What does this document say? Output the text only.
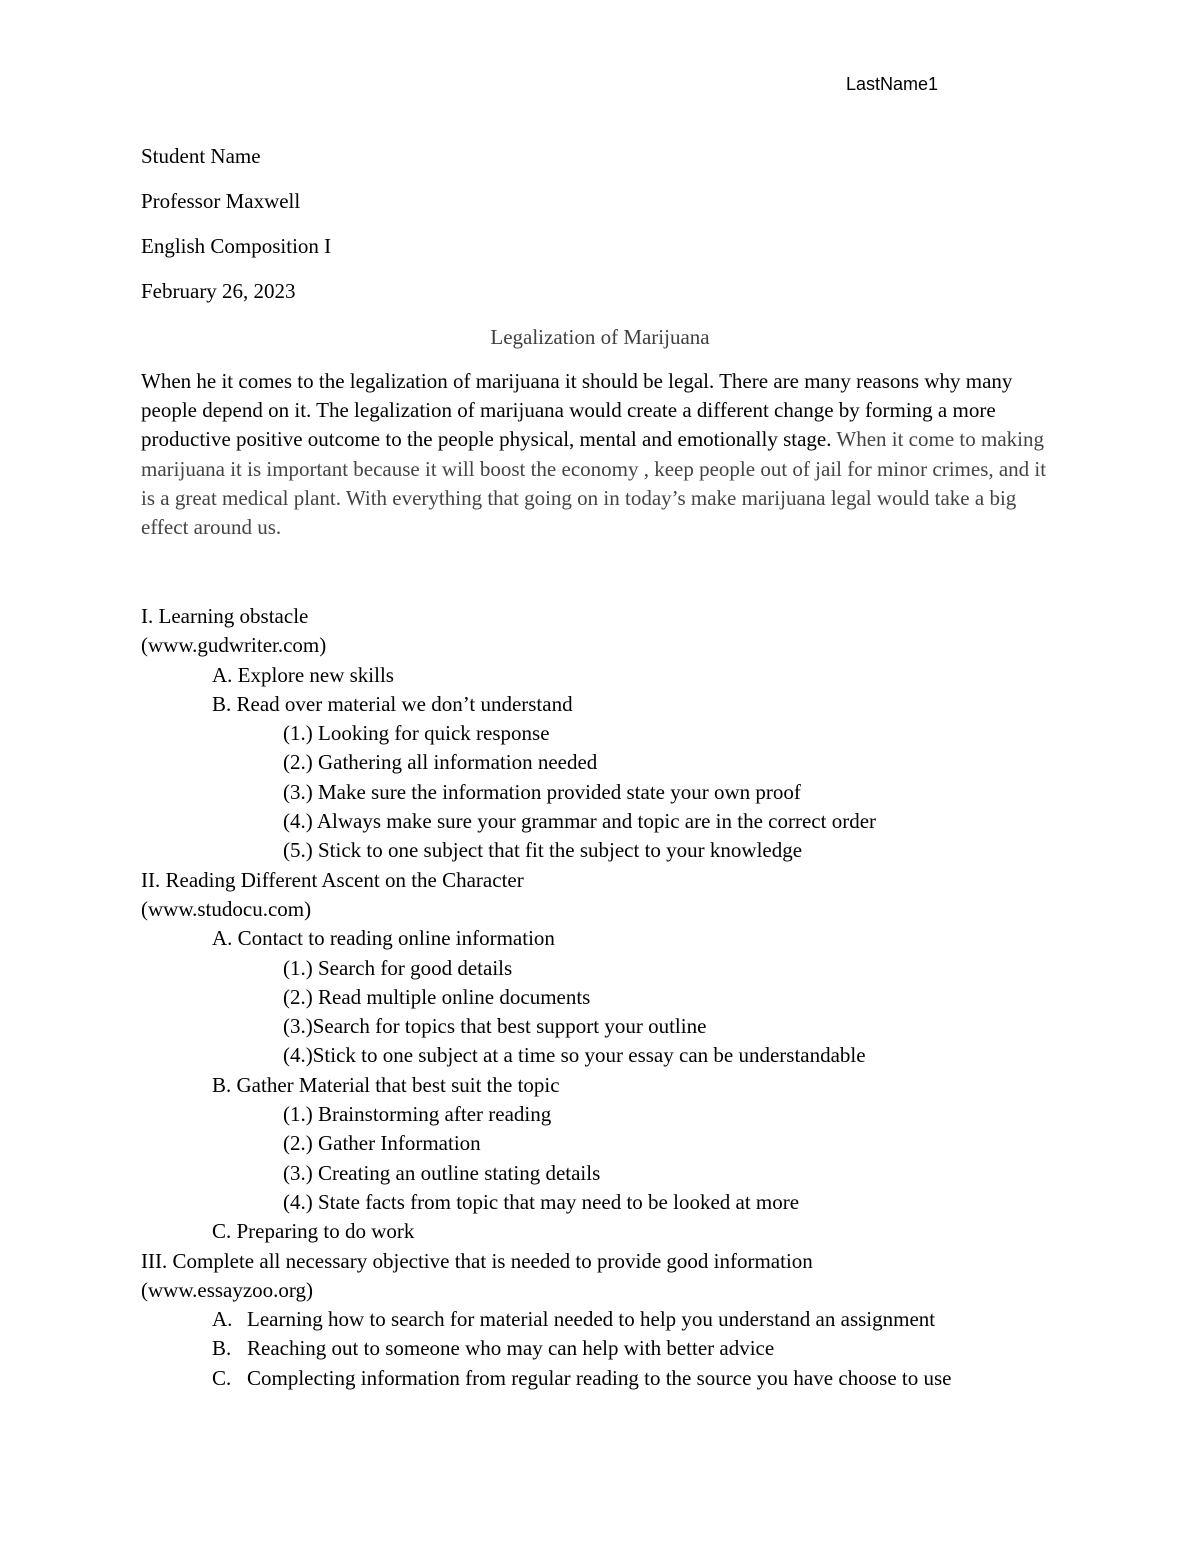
LastName1
Student Name
Professor Maxwell
English Composition I
February 26, 2023
Legalization of Marijuana
When he it comes to the legalization of marijuana it should be legal. There are many reasons why many people depend on it. The legalization of marijuana would create a different change by forming a more productive positive outcome to the people physical, mental and emotionally stage. When it come to making marijuana it is important because it will boost the economy , keep people out of jail for minor crimes, and it is a great medical plant. With everything that going on in today’s make marijuana legal would take a big effect around us.
I. Learning obstacle
(www.gudwriter.com)
A. Explore new skills
B. Read over material we don’t understand
(1.) Looking for quick response
(2.) Gathering all information needed
(3.) Make sure the information provided state your own proof
(4.) Always make sure your grammar and topic are in the correct order
(5.) Stick to one subject that fit the subject to your knowledge
II. Reading Different Ascent on the Character
(www.studocu.com)
A. Contact to reading online information
(1.) Search for good details
(2.) Read multiple online documents
(3.)Search for topics that best support your outline
(4.)Stick to one subject at a time so your essay can be understandable
B. Gather Material that best suit the topic
(1.) Brainstorming after reading
(2.) Gather Information
(3.) Creating an outline stating details
(4.) State facts from topic that may need to be looked at more
C. Preparing to do work
III. Complete all necessary objective that is needed to provide good information
(www.essayzoo.org)
A. Learning how to search for material needed to help you understand an assignment
B. Reaching out to someone who may can help with better advice
C. Complecting information from regular reading to the source you have choose to use
